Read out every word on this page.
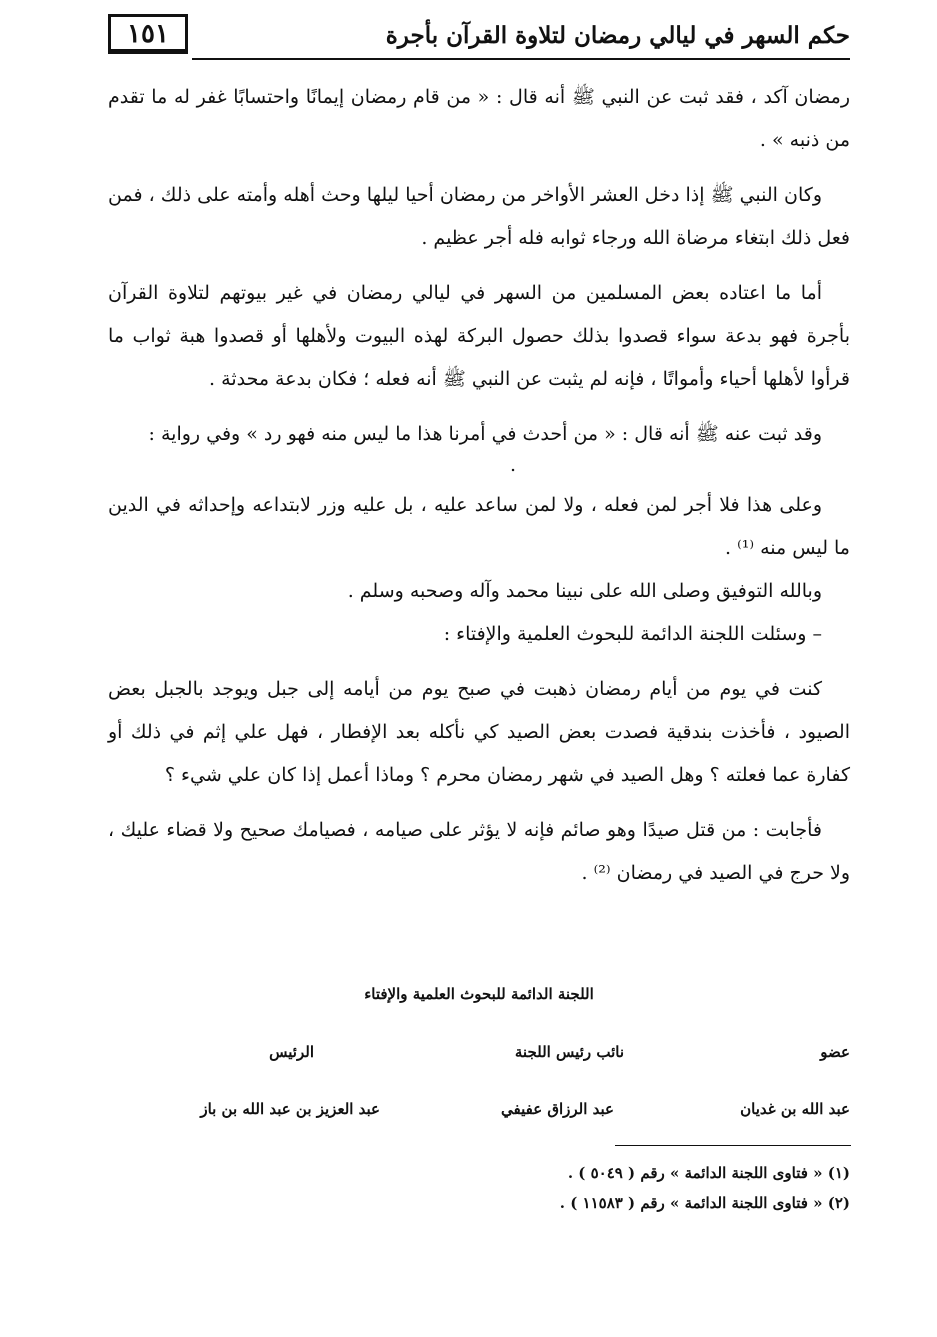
١٥١	حكم السهر في ليالي رمضان لتلاوة القرآن بأجرة

رمضان آكد ، فقد ثبت عن النبي ﷺ أنه قال : « من قام رمضان إيمانًا واحتسابًا غفر له ما تقدم من ذنبه » .

وكان النبي ﷺ إذا دخل العشر الأواخر من رمضان أحيا ليلها وحث أهله وأمته على ذلك ، فمن فعل ذلك ابتغاء مرضاة الله ورجاء ثوابه فله أجر عظيم .

أما ما اعتاده بعض المسلمين من السهر في ليالي رمضان في غير بيوتهم لتلاوة القرآن بأجرة فهو بدعة سواء قصدوا بذلك حصول البركة لهذه البيوت ولأهلها أو قصدوا هبة ثواب ما قرأوا لأهلها أحياء وأمواتًا ، فإنه لم يثبت عن النبي ﷺ أنه فعله ؛ فكان بدعة محدثة .

وقد ثبت عنه ﷺ أنه قال : « من أحدث في أمرنا هذا ما ليس منه فهو رد » وفي رواية :

.

وعلى هذا فلا أجر لمن فعله ، ولا لمن ساعد عليه ، بل عليه وزر لابتداعه وإحداثه في الدين ما ليس منه ⁽¹⁾ .

وبالله التوفيق وصلى الله على نبينا محمد وآله وصحبه وسلم .

– وسئلت اللجنة الدائمة للبحوث العلمية والإفتاء :

كنت في يوم من أيام رمضان ذهبت في صبح يوم من أيامه إلى جبل ويوجد بالجبل بعض الصيود ، فأخذت بندقية فصدت بعض الصيد كي نأكله بعد الإفطار ، فهل علي إثم في ذلك أو كفارة عما فعلته ؟ وهل الصيد في شهر رمضان محرم ؟ وماذا أعمل إذا كان علي شيء ؟

فأجابت : من قتل صيدًا وهو صائم فإنه لا يؤثر على صيامه ، فصيامك صحيح ولا قضاء عليك ، ولا حرج في الصيد في رمضان ⁽²⁾ .

اللجنة الدائمة للبحوث العلمية والإفتاء
عضو
نائب رئيس اللجنة
الرئيس
عبد الله بن غديان
عبد الرزاق عفيفي
عبد العزيز بن عبد الله بن باز
(١) « فتاوى اللجنة الدائمة » رقم ( ٥٠٤٩ ) .
(٢) « فتاوى اللجنة الدائمة » رقم ( ١١٥٨٣ ) .
